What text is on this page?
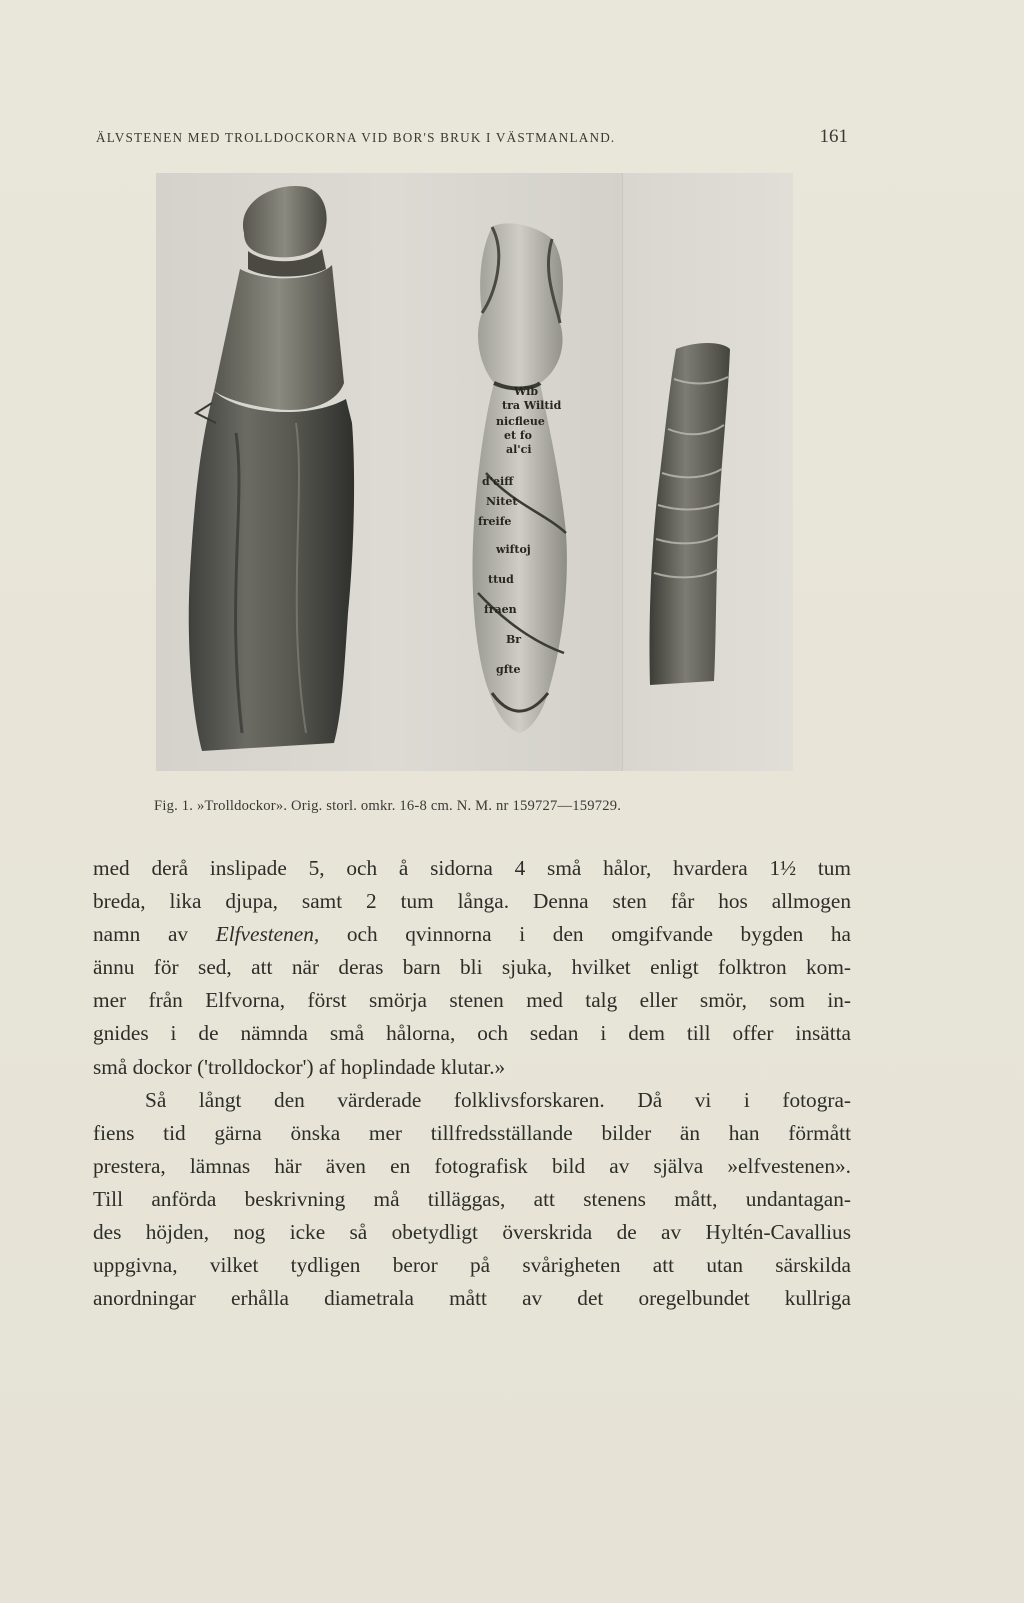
ÄLVSTENEN MED TROLLDOCKORNA VID BOR'S BRUK I VÄSTMANLAND.	161
Wib
tra Wiltid
nicfleue
et fo
al'ci
d'eiff
Nitet
freife
wiftoj
ttud
fraen
Br
gfte
Fig. 1. »Trolldockor». Orig. storl. omkr. 16-8 cm. N. M. nr 159727—159729.
med derå inslipade 5, och å sidorna 4 små hålor, hvardera 1½ tum
breda, lika djupa, samt 2 tum långa. Denna sten får hos allmogen
namn av Elfvestenen, och qvinnorna i den omgifvande bygden ha
ännu för sed, att när deras barn bli sjuka, hvilket enligt folktron kom-
mer från Elfvorna, först smörja stenen med talg eller smör, som in-
gnides i de nämnda små hålorna, och sedan i dem till offer insätta
små dockor ('trolldockor') af hoplindade klutar.»
Så långt den värderade folklivsforskaren. Då vi i fotogra-
fiens tid gärna önska mer tillfredsställande bilder än han förmått
prestera, lämnas här även en fotografisk bild av själva »elfvestenen».
Till anförda beskrivning må tilläggas, att stenens mått, undantagan-
des höjden, nog icke så obetydligt överskrida de av Hyltén-Cavallius
uppgivna, vilket tydligen beror på svårigheten att utan särskilda
anordningar erhålla diametrala mått av det oregelbundet kullriga
